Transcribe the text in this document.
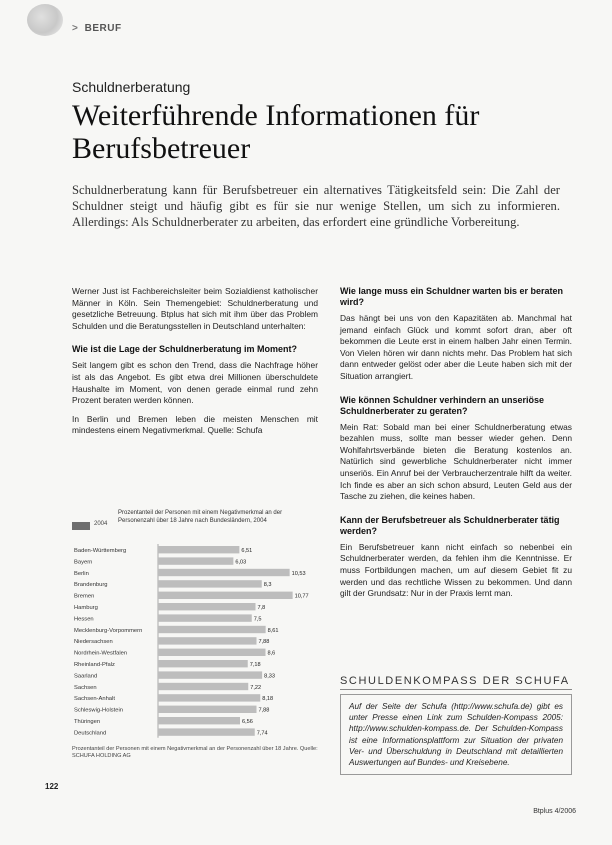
> BERUF
Schuldnerberatung
Weiterführende Informationen für Berufsbetreuer

Schuldnerberatung kann für Berufsbetreuer ein alternatives Tätigkeitsfeld sein: Die Zahl der Schuldner steigt und häufig gibt es für sie nur wenige Stellen, um sich zu informieren. Allerdings: Als Schuldnerberater zu arbeiten, das erfordert eine gründliche Vorbereitung.

Werner Just ist Fachbereichsleiter beim Sozialdienst katholischer Männer in Köln. Sein Themengebiet: Schuldnerberatung und gesetzliche Betreuung. Btplus hat sich mit ihm über das Problem Schulden und die Beratungsstellen in Deutschland unterhalten:

Wie ist die Lage der Schuldnerberatung im Moment?

Seit langem gibt es schon den Trend, dass die Nachfrage höher ist als das Angebot. Es gibt etwa drei Millionen überschuldete Haushalte im Moment, von denen gerade einmal rund zehn Prozent beraten werden können.

In Berlin und Bremen leben die meisten Menschen mit mindestens einem Negativmerkmal. Quelle: Schufa

2004
Prozentanteil der Personen mit einem Negativmerkmal an der Personenzahl über 18 Jahre nach Bundesländern, 2004
Baden-Württemberg	6,51
Bayern	6,03
Berlin	10,53
Brandenburg	8,3
Bremen	10,77
Hamburg	7,8
Hessen	7,5
Mecklenburg-Vorpommern	8,61
Niedersachsen	7,88
Nordrhein-Westfalen	8,6
Rheinland-Pfalz	7,18
Saarland	8,33
Sachsen	7,22
Sachsen-Anhalt	8,18
Schleswig-Holstein	7,88
Thüringen	6,56
Deutschland	7,74
Prozentanteil der Personen mit einem Negativmerkmal an der Personenzahl über 18 Jahre. Quelle: SCHUFA HOLDING AG
Wie lange muss ein Schuldner warten bis er beraten wird?

Das hängt bei uns von den Kapazitäten ab. Manchmal hat jemand einfach Glück und kommt sofort dran, aber oft bekommen die Leute erst in einem halben Jahr einen Termin. Von Vielen hören wir dann nichts mehr. Das Problem hat sich dann entweder gelöst oder aber die Leute haben sich mit der Situation arrangiert.

Wie können Schuldner verhindern an unseriöse Schuldnerberater zu geraten?

Mein Rat: Sobald man bei einer Schuldnerberatung etwas bezahlen muss, sollte man besser wieder gehen. Denn Wohlfahrtsverbände bieten die Beratung kostenlos an. Natürlich sind gewerbliche Schuldnerberater nicht immer unseriös. Ein Anruf bei der Verbraucherzentrale hilft da weiter. Ich finde es aber an sich schon absurd, Leuten Geld aus der Tasche zu ziehen, die keines haben.

Kann der Berufsbetreuer als Schuldnerberater tätig werden?

Ein Berufsbetreuer kann nicht einfach so nebenbei ein Schuldnerberater werden, da fehlen ihm die Kenntnisse. Er muss Fortbildungen machen, um auf diesem Gebiet fit zu werden und das rechtliche Wissen zu bekommen. Und dann gilt der Grundsatz: Nur in der Praxis lernt man.

SCHULDENKOMPASS DER SCHUFA
Auf der Seite der Schufa (http://www.schufa.de) gibt es unter Presse einen Link zum Schulden-Kompass 2005: http://www.schulden-kompass.de. Der Schulden-Kompass ist eine Informationsplattform zur Situation der privaten Ver- und Überschuldung in Deutschland mit detaillierten Auswertungen auf Bundes- und Kreisebene.
122
Btplus 4/2006
